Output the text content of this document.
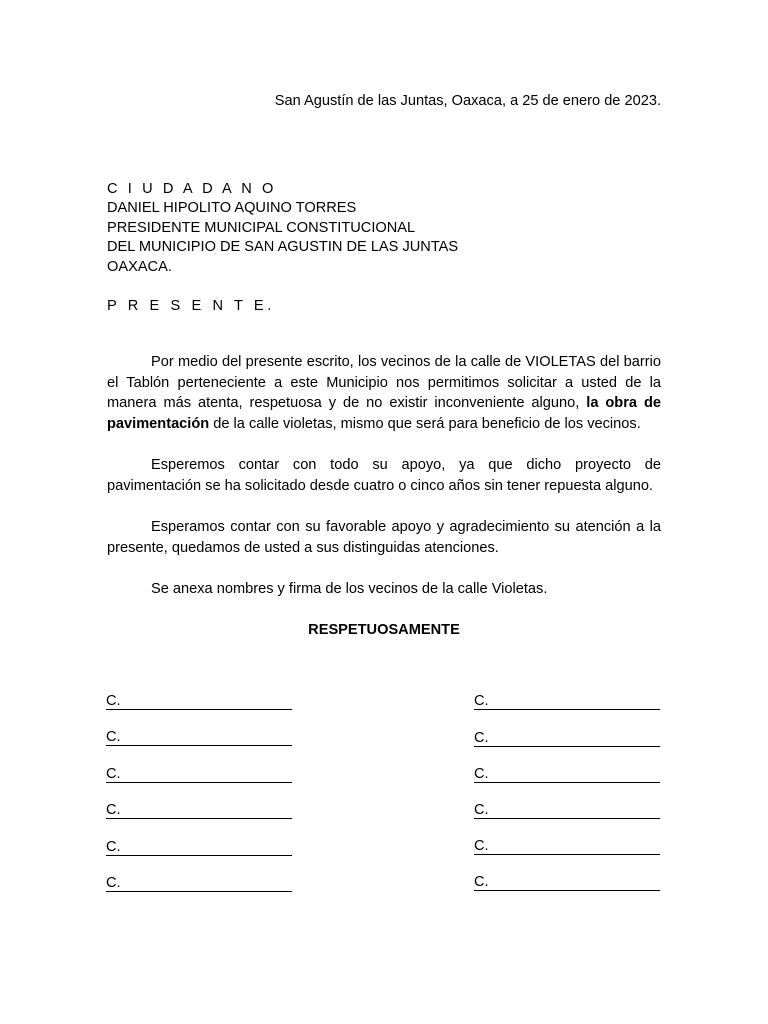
San Agustín de las Juntas, Oaxaca, a 25 de enero de 2023.
C I U D A D A N O
DANIEL HIPOLITO AQUINO TORRES
PRESIDENTE MUNICIPAL CONSTITUCIONAL
DEL MUNICIPIO DE SAN AGUSTIN DE LAS JUNTAS
OAXACA.
P R E S E N T E.

Por medio del presente escrito, los vecinos de la calle de VIOLETAS del barrio el Tablón perteneciente a este Municipio nos permitimos solicitar a usted de la manera más atenta, respetuosa y de no existir inconveniente alguno, la obra de pavimentación de la calle violetas, mismo que será para beneficio de los vecinos.

Esperemos contar con todo su apoyo, ya que dicho proyecto de pavimentación se ha solicitado desde cuatro o cinco años sin tener repuesta alguno.

Esperamos contar con su favorable apoyo y agradecimiento su atención a la presente, quedamos de usted a sus distinguidas atenciones.

Se anexa nombres y firma de los vecinos de la calle Violetas.

RESPETUOSAMENTE
C.
C.
C.
C.
C.
C.
C.
C.
C.
C.
C.
C.
